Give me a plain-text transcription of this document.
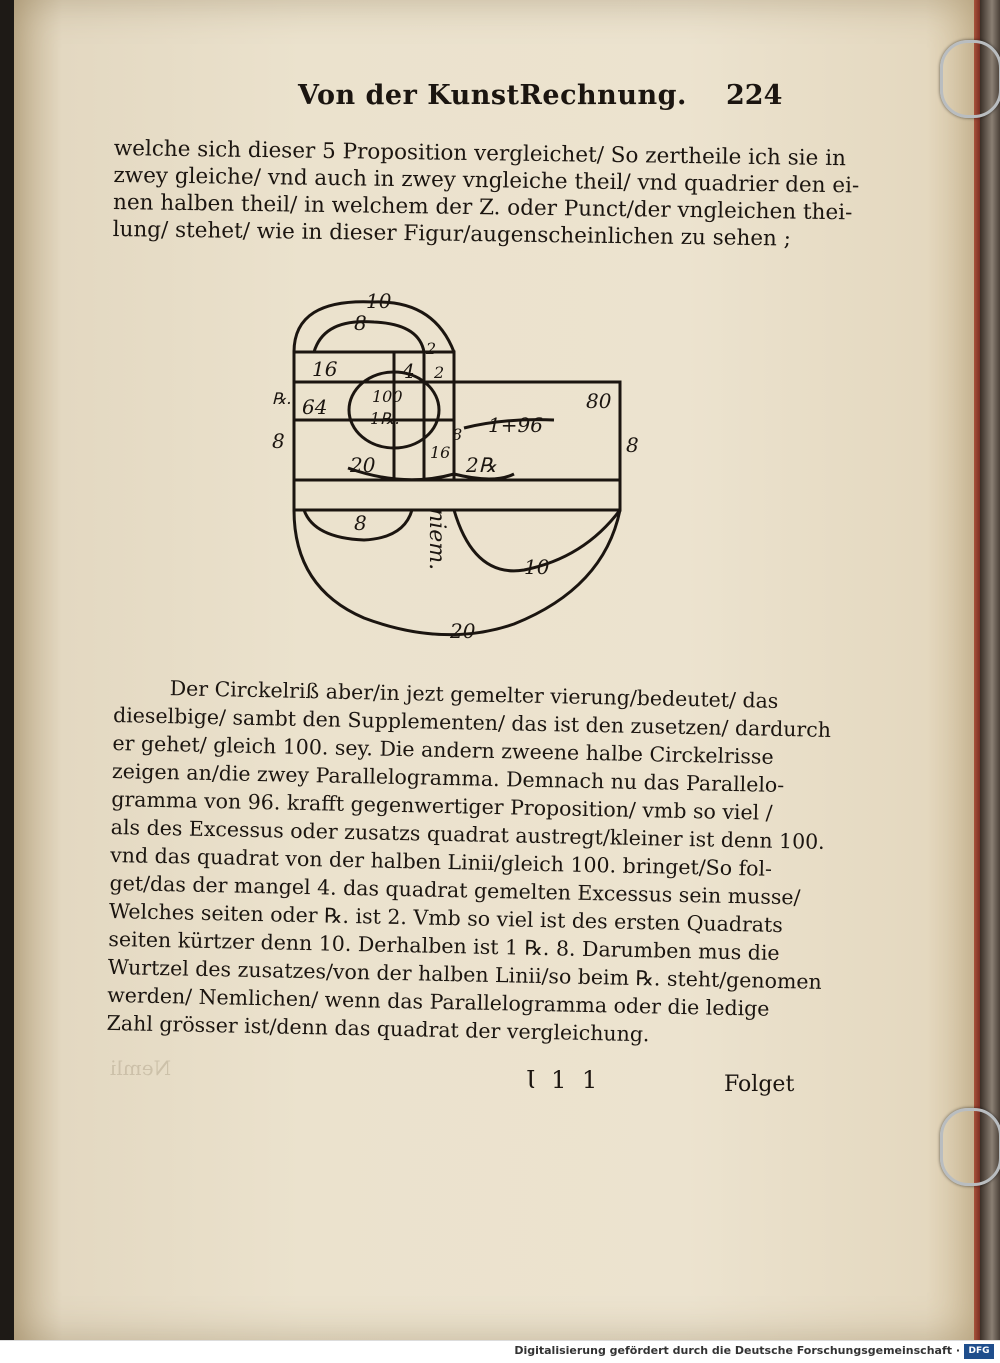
Von der KunstRechnung. 224
welche sich dieser 5 Proposition vergleichet/ So zertheile ich sie in
zwey gleiche/ vnd auch in zwey vngleiche theil/ vnd quadrier den ei-
nen halben theil/ in welchem der Z. oder Punct/der vngleichen thei-
lung/ stehet/ wie in dieser Figur/augenscheinlichen zu sehen ;
10
8
16	4
2
2
64	100
1℞.	1+96
80
8
℞.
8
16
8
20	2℞
8	niem.	10
20
Der Circkelriß aber/in jezt gemelter vierung/bedeutet/ das
dieselbige/ sambt den Supplementen/ das ist den zusetzen/ dardurch
er gehet/ gleich 100. sey. Die andern zweene halbe Circkelrisse
zeigen an/die zwey Parallelogramma. Demnach nu das Parallelo-
gramma von 96. krafft gegenwertiger Proposition/ vmb so viel /
als des Excessus oder zusatzs quadrat austregt/kleiner ist denn 100.
vnd das quadrat von der halben Linii/gleich 100. bringet/So fol-
get/das der mangel 4. das quadrat gemelten Excessus sein musse/
Welches seiten oder ℞. ist 2. Vmb so viel ist des ersten Quadrats
seiten kürtzer denn 10. Derhalben ist 1 ℞. 8. Darumben mus die
Wurtzel des zusatzes/von der halben Linii/so beim ℞. steht/genomen
werden/ Nemlichen/ wenn das Parallelogramma oder die ledige
Zahl grösser ist/denn das quadrat der vergleichung.
Nemli	Ɩ 1 1	Folget
Digitalisierung gefördert durch die Deutsche Forschungsgemeinschaft · DFG
